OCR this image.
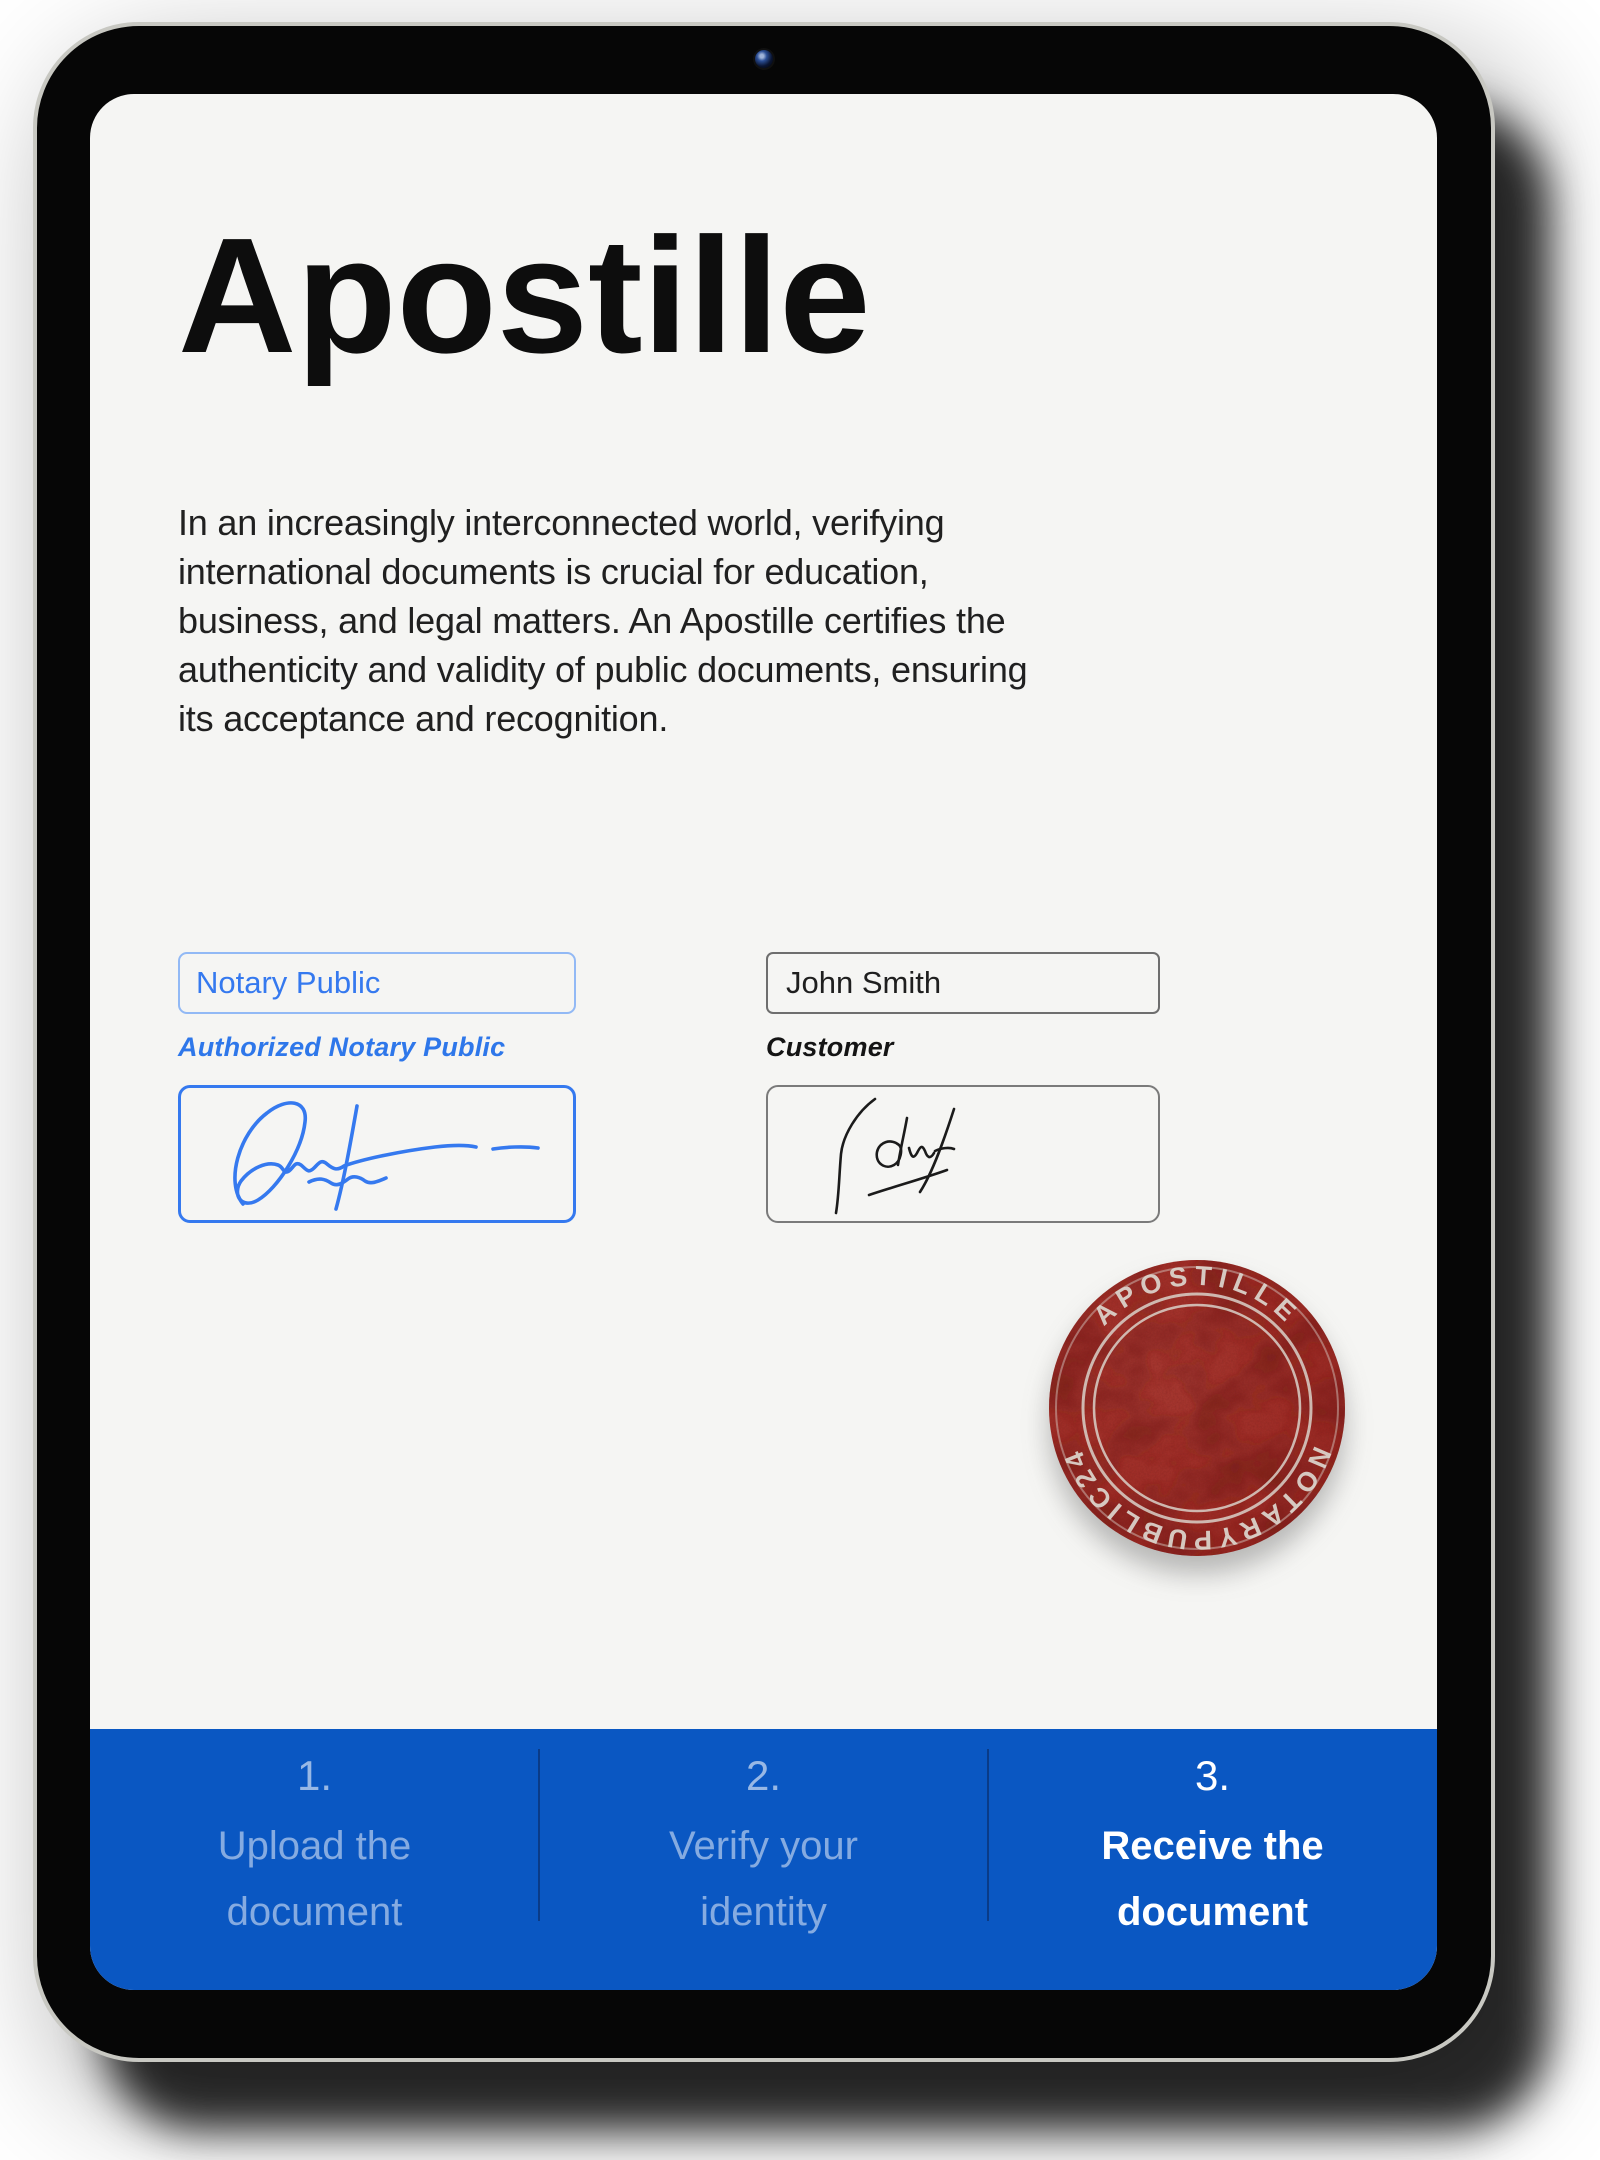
Apostille
In an increasingly interconnected world, verifying
international documents is crucial for education,
business, and legal matters. An Apostille certifies the
authenticity and validity of public documents, ensuring
its acceptance and recognition.
Notary Public
John Smith
Authorized Notary Public	Customer
APOSTILLE
NOTARYPUBLIC24
1.
Upload the
document
2.
Verify your
identity
3.
Receive the
document
